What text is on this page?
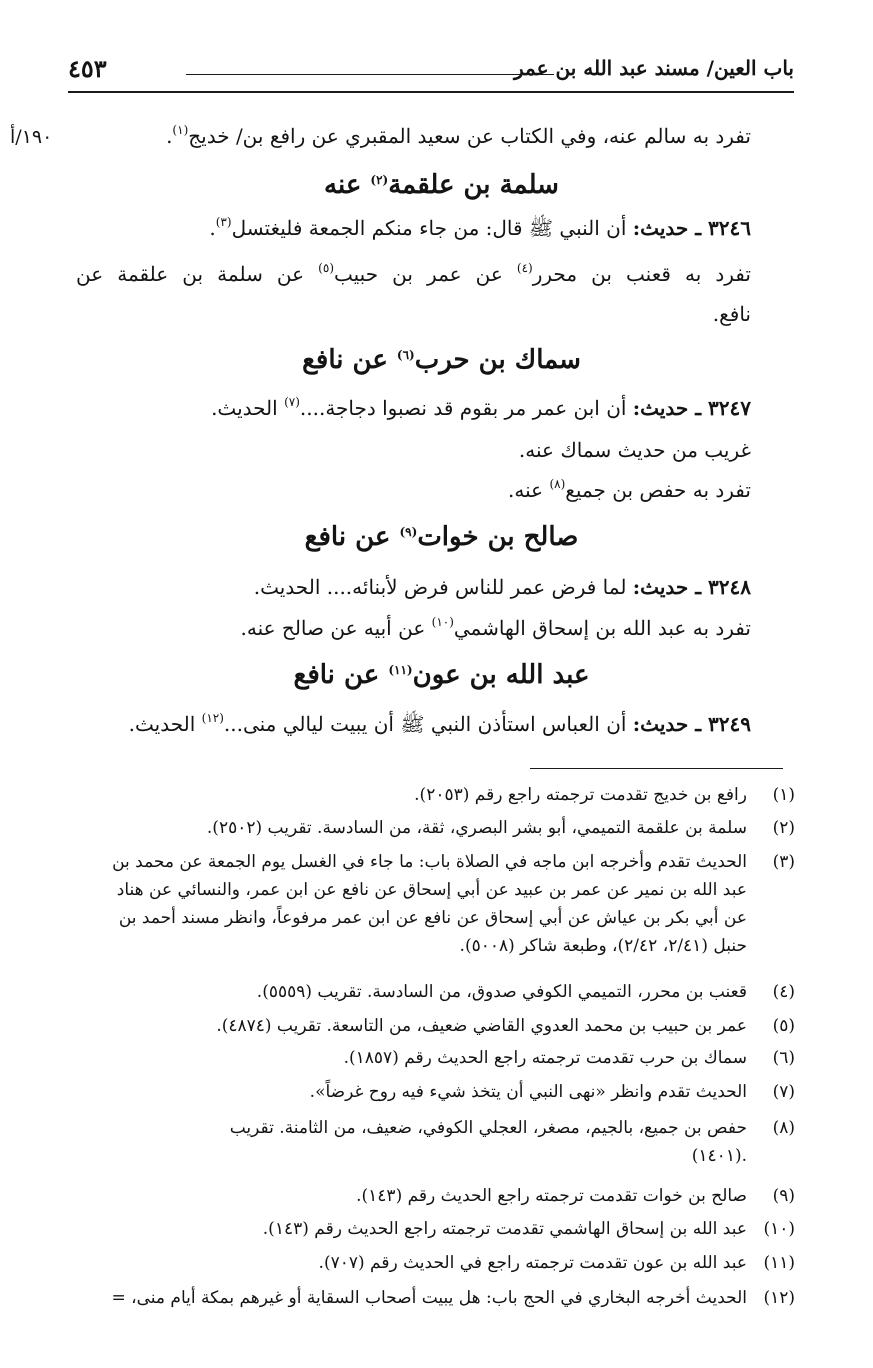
باب العين/ مسند عبد الله بن عمر
٤٥٣
١٩٠/أ	تفرد به سالم عنه، وفي الكتاب عن سعيد المقبري عن رافع بن/ خديج$^{(١)}$.
سلمة بن علقمة$^{(٢)}$ عنه
٣٢٤٦ ـ حديث: أن النبي ﷺ قال: من جاء منكم الجمعة فليغتسل$^{(٣)}$.
تفرد به قعنب بن محرر$^{(٤)}$ عن عمر بن حبيب$^{(٥)}$ عن سلمة بن علقمة عن
نافع.
سماك بن حرب$^{(٦)}$ عن نافع
٣٢٤٧ ـ حديث: أن ابن عمر مر بقوم قد نصبوا دجاجة....$^{(٧)}$ الحديث.
غريب من حديث سماك عنه.
تفرد به حفص بن جميع$^{(٨)}$ عنه.
صالح بن خوات$^{(٩)}$ عن نافع
٣٢٤٨ ـ حديث: لما فرض عمر للناس فرض لأبنائه.... الحديث.
تفرد به عبد الله بن إسحاق الهاشمي$^{(١٠)}$ عن أبيه عن صالح عنه.
عبد الله بن عون$^{(١١)}$ عن نافع
٣٢٤٩ ـ حديث: أن العباس استأذن النبي ﷺ أن يبيت ليالي منى...$^{(١٢)}$ الحديث.
(١)رافع بن خديج تقدمت ترجمته راجع رقم (٢٠٥٣).
(٢)سلمة بن علقمة التميمي، أبو بشر البصري، ثقة، من السادسة. تقريب (٢٥٠٢).
(٣)الحديث تقدم وأخرجه ابن ماجه في الصلاة باب: ما جاء في الغسل يوم الجمعة عن محمد بن
عبد الله بن نمير عن عمر بن عبيد عن أبي إسحاق عن نافع عن ابن عمر، والنسائي عن هناد
عن أبي بكر بن عياش عن أبي إسحاق عن نافع عن ابن عمر مرفوعاً، وانظر مسند أحمد بن
حنبل (٢/٤١، ٢/٤٢)، وطبعة شاكر (٥٠٠٨).
(٤)قعنب بن محرر، التميمي الكوفي صدوق، من السادسة. تقريب (٥٥٥٩).
(٥)عمر بن حبيب بن محمد العدوي القاضي ضعيف، من التاسعة. تقريب (٤٨٧٤).
(٦)سماك بن حرب تقدمت ترجمته راجع الحديث رقم (١٨٥٧).
(٧)الحديث تقدم وانظر «نهى النبي أن يتخذ شيء فيه روح غرضاً».
(٨)حفص بن جميع، بالجيم، مصغر، العجلي الكوفي، ضعيف، من الثامنة. تقريب
(١٤٠١).
(٩)صالح بن خوات تقدمت ترجمته راجع الحديث رقم (١٤٣).
(١٠)عبد الله بن إسحاق الهاشمي تقدمت ترجمته راجع الحديث رقم (١٤٣).
(١١)عبد الله بن عون تقدمت ترجمته راجع في الحديث رقم (٧٠٧).
(١٢)الحديث أخرجه البخاري في الحج باب: هل يبيت أصحاب السقاية أو غيرهم بمكة أيام منى، =
